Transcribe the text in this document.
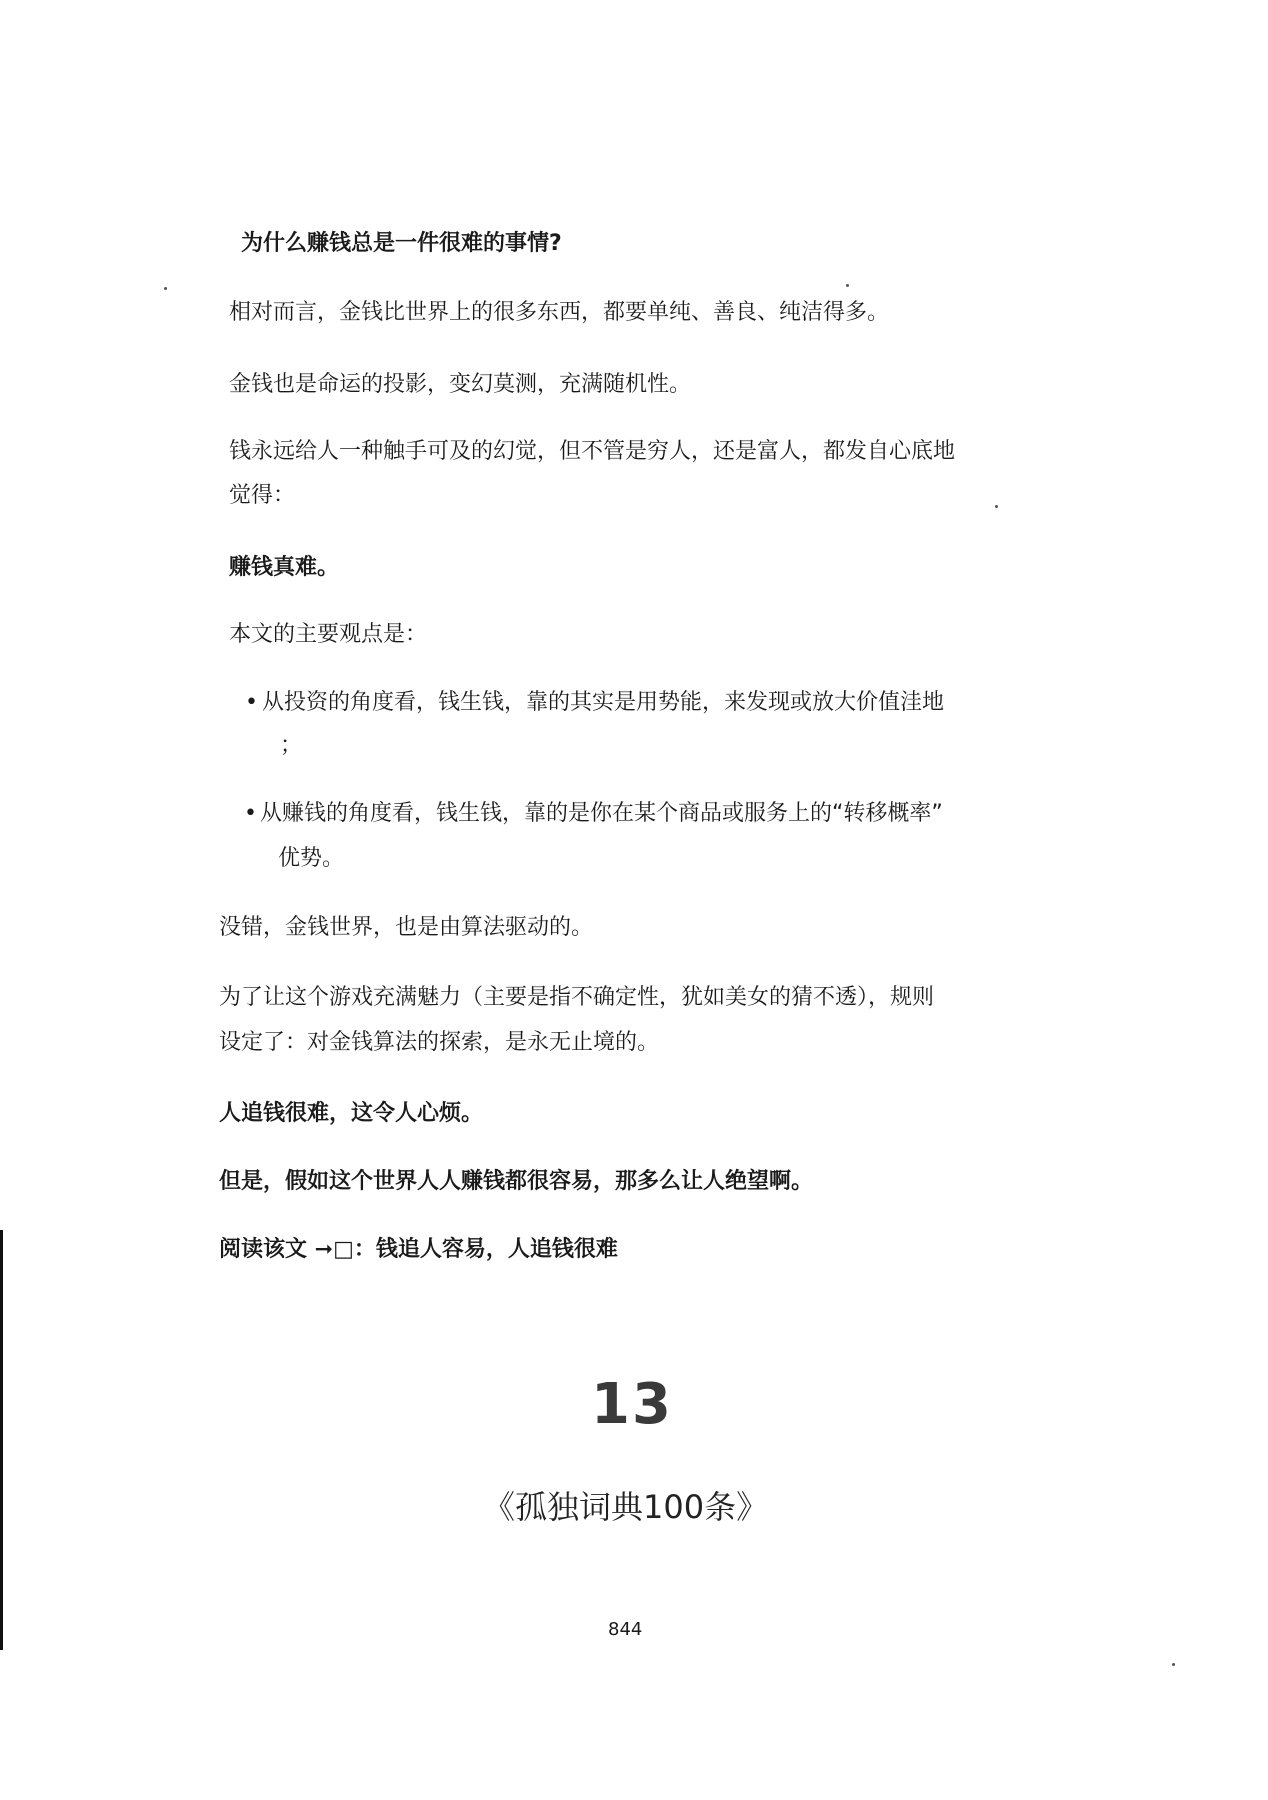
为什么赚钱总是一件很难的事情?
相对而言，金钱比世界上的很多东西，都要单纯、善良、纯洁得多。
金钱也是命运的投影，变幻莫测，充满随机性。
钱永远给人一种触手可及的幻觉，但不管是穷人，还是富人，都发自心底地
觉得：
赚钱真难。
本文的主要观点是：
• 从投资的角度看，钱生钱，靠的其实是用势能，来发现或放大价值洼地
；
• 从赚钱的角度看，钱生钱，靠的是你在某个商品或服务上的“转移概率”
优势。
没错，金钱世界，也是由算法驱动的。
为了让这个游戏充满魅力（主要是指不确定性，犹如美女的猜不透），规则
设定了：对金钱算法的探索，是永无止境的。
人追钱很难，这令人心烦。
但是，假如这个世界人人赚钱都很容易，那多么让人绝望啊。
阅读该文 ➞□：钱追人容易，人追钱很难
13
《孤独词典100条》
844
